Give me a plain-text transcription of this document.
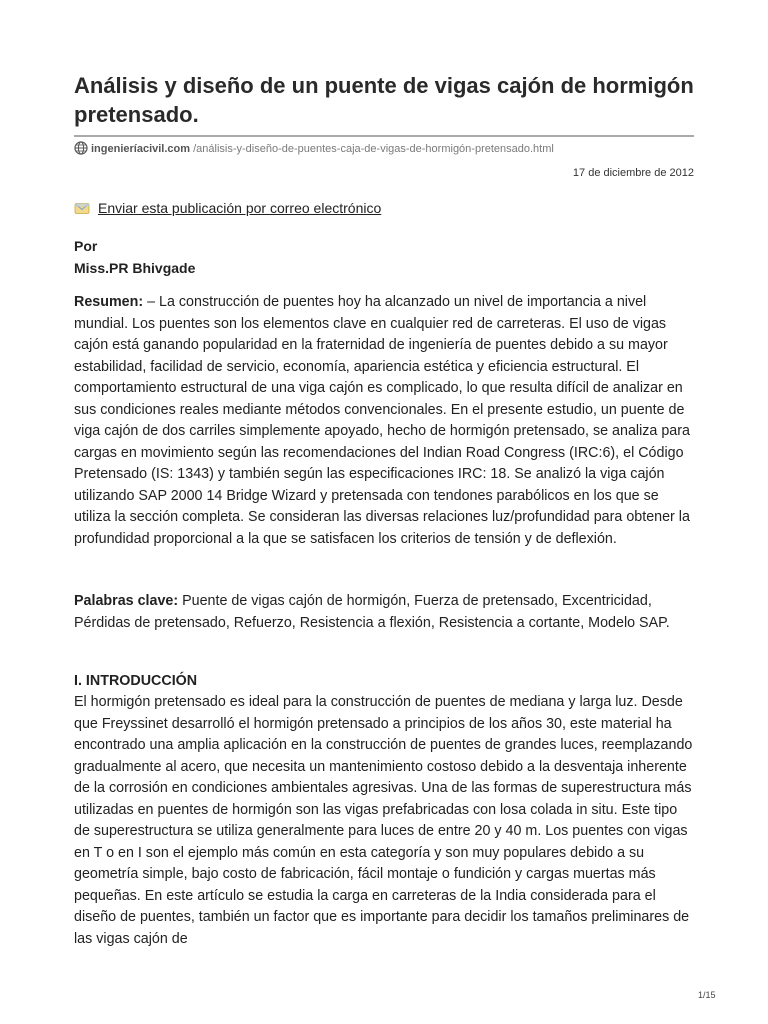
Análisis y diseño de un puente de vigas cajón de hormigón pretensado.
ingenieríacivil.com /análisis-y-diseño-de-puentes-caja-de-vigas-de-hormigón-pretensado.html
17 de diciembre de 2012
Enviar esta publicación por correo electrónico
Por
Miss.PR Bhivgade

Resumen: – La construcción de puentes hoy ha alcanzado un nivel de importancia a nivel mundial. Los puentes son los elementos clave en cualquier red de carreteras. El uso de vigas cajón está ganando popularidad en la fraternidad de ingeniería de puentes debido a su mayor estabilidad, facilidad de servicio, economía, apariencia estética y eficiencia estructural. El comportamiento estructural de una viga cajón es complicado, lo que resulta difícil de analizar en sus condiciones reales mediante métodos convencionales. En el presente estudio, un puente de viga cajón de dos carriles simplemente apoyado, hecho de hormigón pretensado, se analiza para cargas en movimiento según las recomendaciones del Indian Road Congress (IRC:6), el Código Pretensado (IS: 1343) y también según las especificaciones IRC: 18. Se analizó la viga cajón utilizando SAP 2000 14 Bridge Wizard y pretensada con tendones parabólicos en los que se utiliza la sección completa. Se consideran las diversas relaciones luz/profundidad para obtener la profundidad proporcional a la que se satisfacen los criterios de tensión y de deflexión.

Palabras clave: Puente de vigas cajón de hormigón, Fuerza de pretensado, Excentricidad, Pérdidas de pretensado, Refuerzo, Resistencia a flexión, Resistencia a cortante, Modelo SAP.

I. INTRODUCCIÓN

El hormigón pretensado es ideal para la construcción de puentes de mediana y larga luz. Desde que Freyssinet desarrolló el hormigón pretensado a principios de los años 30, este material ha encontrado una amplia aplicación en la construcción de puentes de grandes luces, reemplazando gradualmente al acero, que necesita un mantenimiento costoso debido a la desventaja inherente de la corrosión en condiciones ambientales agresivas. Una de las formas de superestructura más utilizadas en puentes de hormigón son las vigas prefabricadas con losa colada in situ. Este tipo de superestructura se utiliza generalmente para luces de entre 20 y 40 m. Los puentes con vigas en T o en I son el ejemplo más común en esta categoría y son muy populares debido a su geometría simple, bajo costo de fabricación, fácil montaje o fundición y cargas muertas más pequeñas. En este artículo se estudia la carga en carreteras de la India considerada para el diseño de puentes, también un factor que es importante para decidir los tamaños preliminares de las vigas cajón de

1/15
